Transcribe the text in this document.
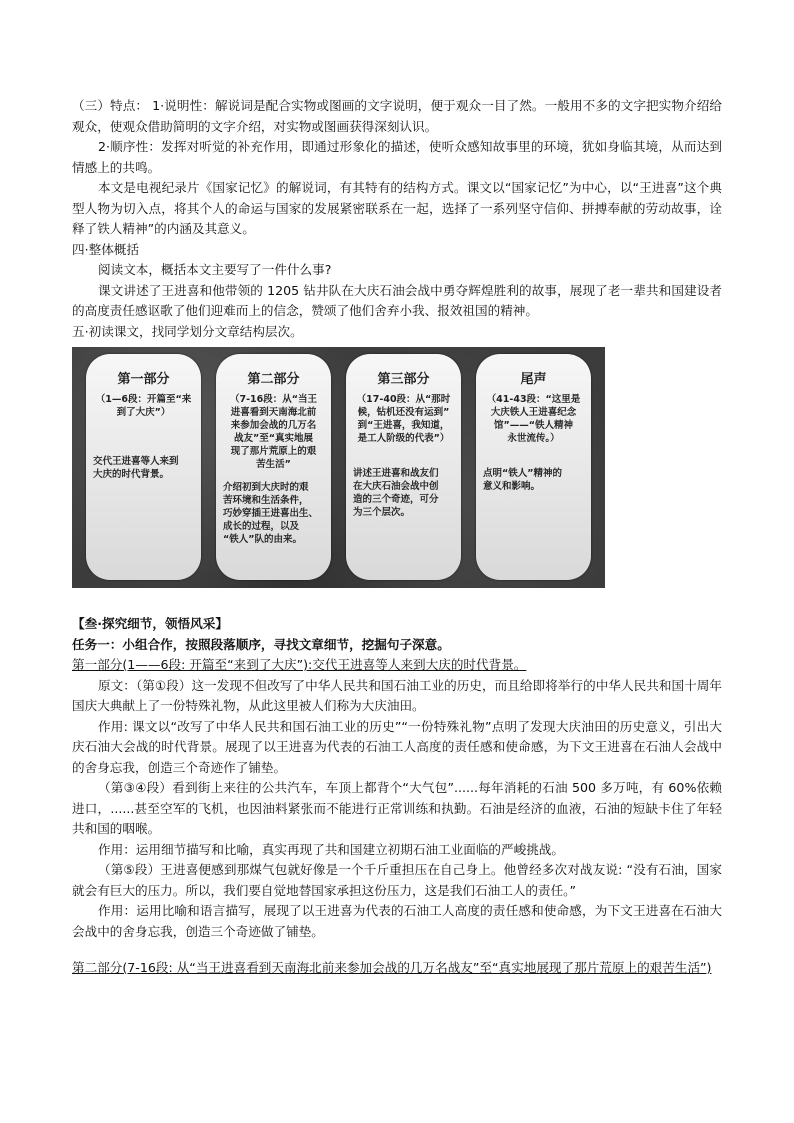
（三）特点： 1·说明性：解说词是配合实物或图画的文字说明，便于观众一目了然。一般用不多的文字把实物介绍给观众，使观众借助简明的文字介绍，对实物或图画获得深刻认识。

2·顺序性：发挥对听觉的补充作用，即通过形象化的描述，使听众感知故事里的环境，犹如身临其境，从而达到情感上的共鸣。

本文是电视纪录片《国家记忆》的解说词，有其特有的结构方式。课文以“国家记忆”为中心，以“王进喜”这个典型人物为切入点，将其个人的命运与国家的发展紧密联系在一起，选择了一系列坚守信仰、拼搏奉献的劳动故事，诠释了铁人精神”的内涵及其意义。

四·整体概括

阅读文本，概括本文主要写了一件什么事?

课文讲述了王进喜和他带领的 1205 钻井队在大庆石油会战中勇夺辉煌胜利的故事，展现了老一辈共和国建设者的高度责任感讴歌了他们迎难而上的信念，赞颂了他们舍弃小我、报效祖国的精神。

五·初读课文，找同学划分文章结构层次。

第一部分
（1—6段：开篇至“来
到了大庆”）
交代王进喜等人来到
大庆的时代背景。
第二部分
（7-16段：从“当王
进喜看到天南海北前
来参加会战的几万名
战友”至“真实地展
现了那片荒原上的艰
苦生活”
介绍初到大庆时的艰
苦环境和生活条件，
巧妙穿插王进喜出生、
成长的过程，以及
“铁人”队的由来。
第三部分
（17-40段：从“那时
候，钻机还没有运到”
到“王进喜，我知道，
是工人阶级的代表”）
讲述王进喜和战友们
在大庆石油会战中创
造的三个奇迹，可分
为三个层次。
尾声
（41-43段：“这里是
大庆铁人王进喜纪念
馆”——“铁人精神
永世流传。）
点明“铁人”精神的
意义和影响。

【叁·探究细节，领悟风采】

任务一：小组合作，按照段落顺序，寻找文章细节，挖掘句子深意。

第一部分(1——6段: 开篇至“来到了大庆”):交代王进喜等人来到大庆的时代背景。

原文：（第①段）这一发现不但改写了中华人民共和国石油工业的历史，而且给即将举行的中华人民共和国十周年国庆大典献上了一份特殊礼物，从此这里被人们称为大庆油田。

作用: 课文以“改写了中华人民共和国石油工业的历史”“一份特殊礼物”点明了发现大庆油田的历史意义，引出大庆石油大会战的时代背景。展现了以王进喜为代表的石油工人高度的责任感和使命感，为下文王进喜在石油人会战中的舍身忘我，创造三个奇迹作了铺垫。

（第③④段）看到街上来往的公共汽车，车顶上都背个“大气包”......每年消耗的石油 500 多万吨，有 60%依赖进口，......甚至空军的飞机，也因油料紧张而不能进行正常训练和执勤。石油是经济的血液，石油的短缺卡住了年轻共和国的咽喉。

作用：运用细节描写和比喻，真实再现了共和国建立初期石油工业面临的严峻挑战。

（第⑤段）王进喜便感到那煤气包就好像是一个千斤重担压在自己身上。他曾经多次对战友说: “没有石油，国家就会有巨大的压力。所以，我们要自觉地替国家承担这份压力，这是我们石油工人的责任。”

作用：运用比喻和语言描写，展现了以王进喜为代表的石油工人高度的责任感和使命感，为下文王进喜在石油大会战中的舍身忘我，创造三个奇迹做了铺垫。

第二部分(7-16段: 从“当王进喜看到天南海北前来参加会战的几万名战友”至“真实地展现了那片荒原上的艰苦生活”)
